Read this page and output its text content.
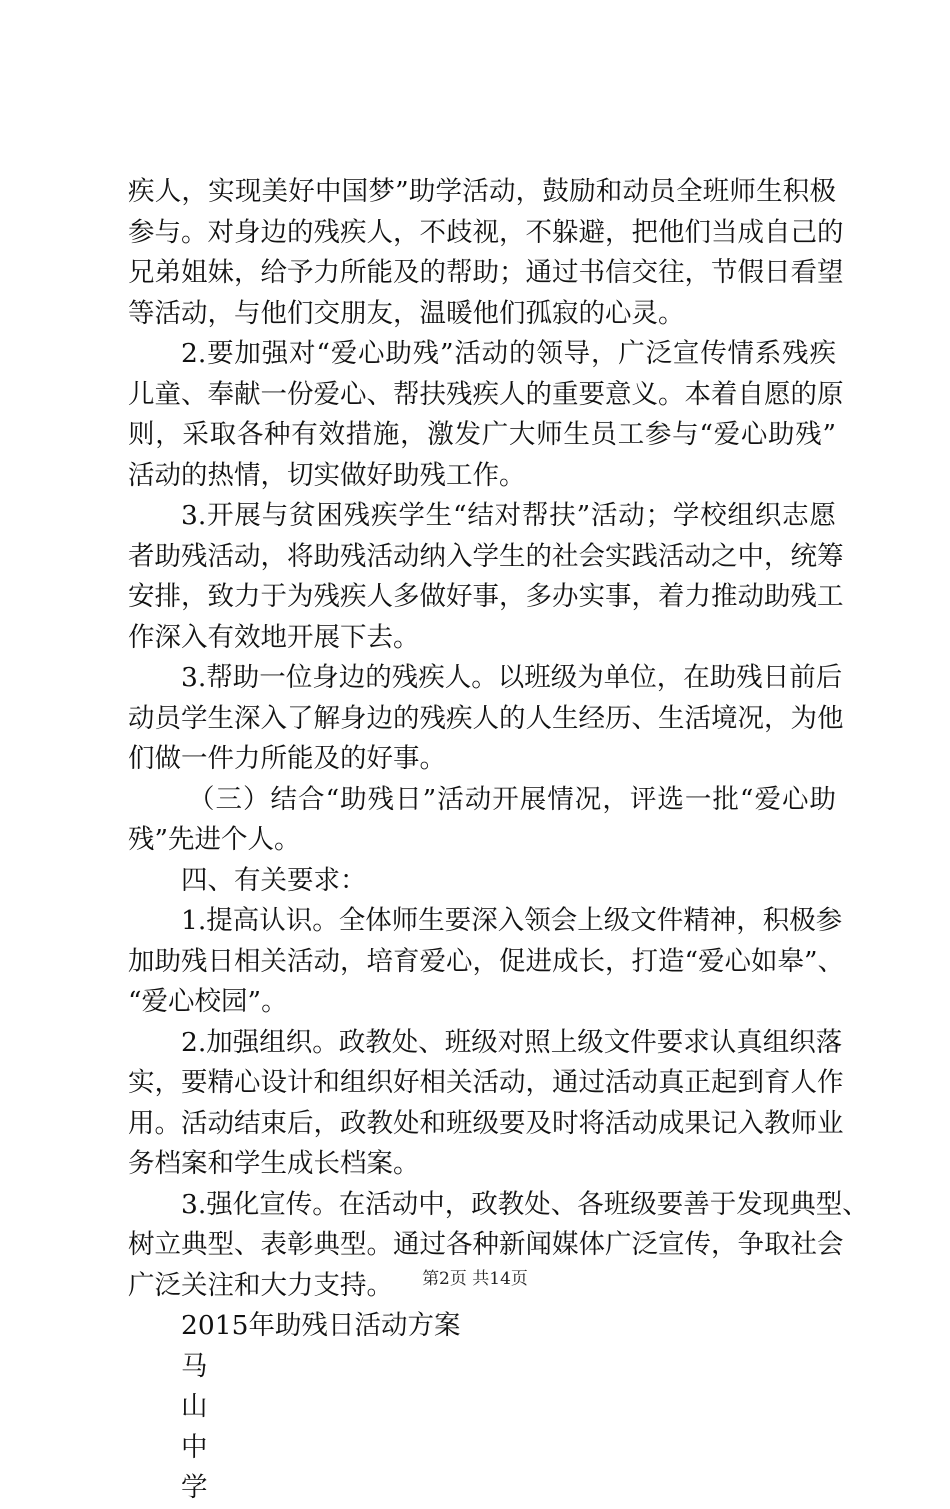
疾人，实现美好中国梦”助学活动，鼓励和动员全班师生积极
参与。对身边的残疾人，不歧视，不躲避，把他们当成自己的
兄弟姐妹，给予力所能及的帮助；通过书信交往，节假日看望
等活动，与他们交朋友，温暖他们孤寂的心灵。
2.要加强对“爱心助残”活动的领导，广泛宣传情系残疾
儿童、奉献一份爱心、帮扶残疾人的重要意义。本着自愿的原
则，采取各种有效措施，激发广大师生员工参与“爱心助残”
活动的热情，切实做好助残工作。
3.开展与贫困残疾学生“结对帮扶”活动；学校组织志愿
者助残活动，将助残活动纳入学生的社会实践活动之中，统筹
安排，致力于为残疾人多做好事，多办实事，着力推动助残工
作深入有效地开展下去。
3.帮助一位身边的残疾人。以班级为单位，在助残日前后
动员学生深入了解身边的残疾人的人生经历、生活境况，为他
们做一件力所能及的好事。
（三）结合“助残日”活动开展情况，评选一批“爱心助
残”先进个人。
四、有关要求：
1.提高认识。全体师生要深入领会上级文件精神，积极参
加助残日相关活动，培育爱心，促进成长，打造“爱心如皋”、
“爱心校园”。
2.加强组织。政教处、班级对照上级文件要求认真组织落
实，要精心设计和组织好相关活动，通过活动真正起到育人作
用。活动结束后，政教处和班级要及时将活动成果记入教师业
务档案和学生成长档案。
3.强化宣传。在活动中，政教处、各班级要善于发现典型、
树立典型、表彰典型。通过各种新闻媒体广泛宣传，争取社会
广泛关注和大力支持。
2015年助残日活动方案
马
山
中
学
第2页 共14页
